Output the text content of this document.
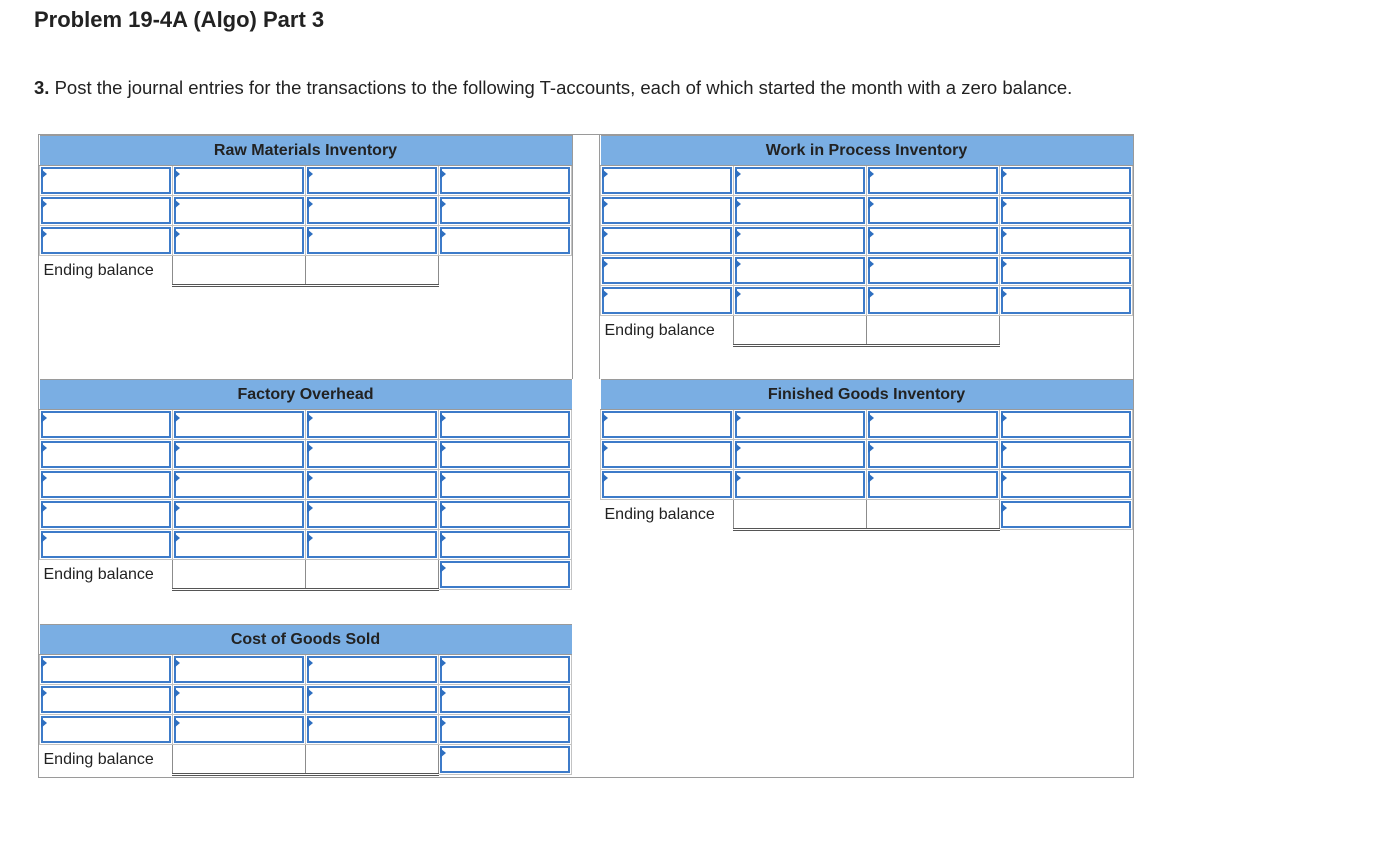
Problem 19-4A (Algo) Part 3

3. Post the journal entries for the transactions to the following T-accounts, each of which started the month with a zero balance.

Raw Materials Inventory			

Ending balance			
Work in Process Inventory			

Ending balance			
Factory Overhead			

Ending balance			
Finished Goods Inventory			

Ending balance			
Cost of Goods Sold			

Ending balance			
